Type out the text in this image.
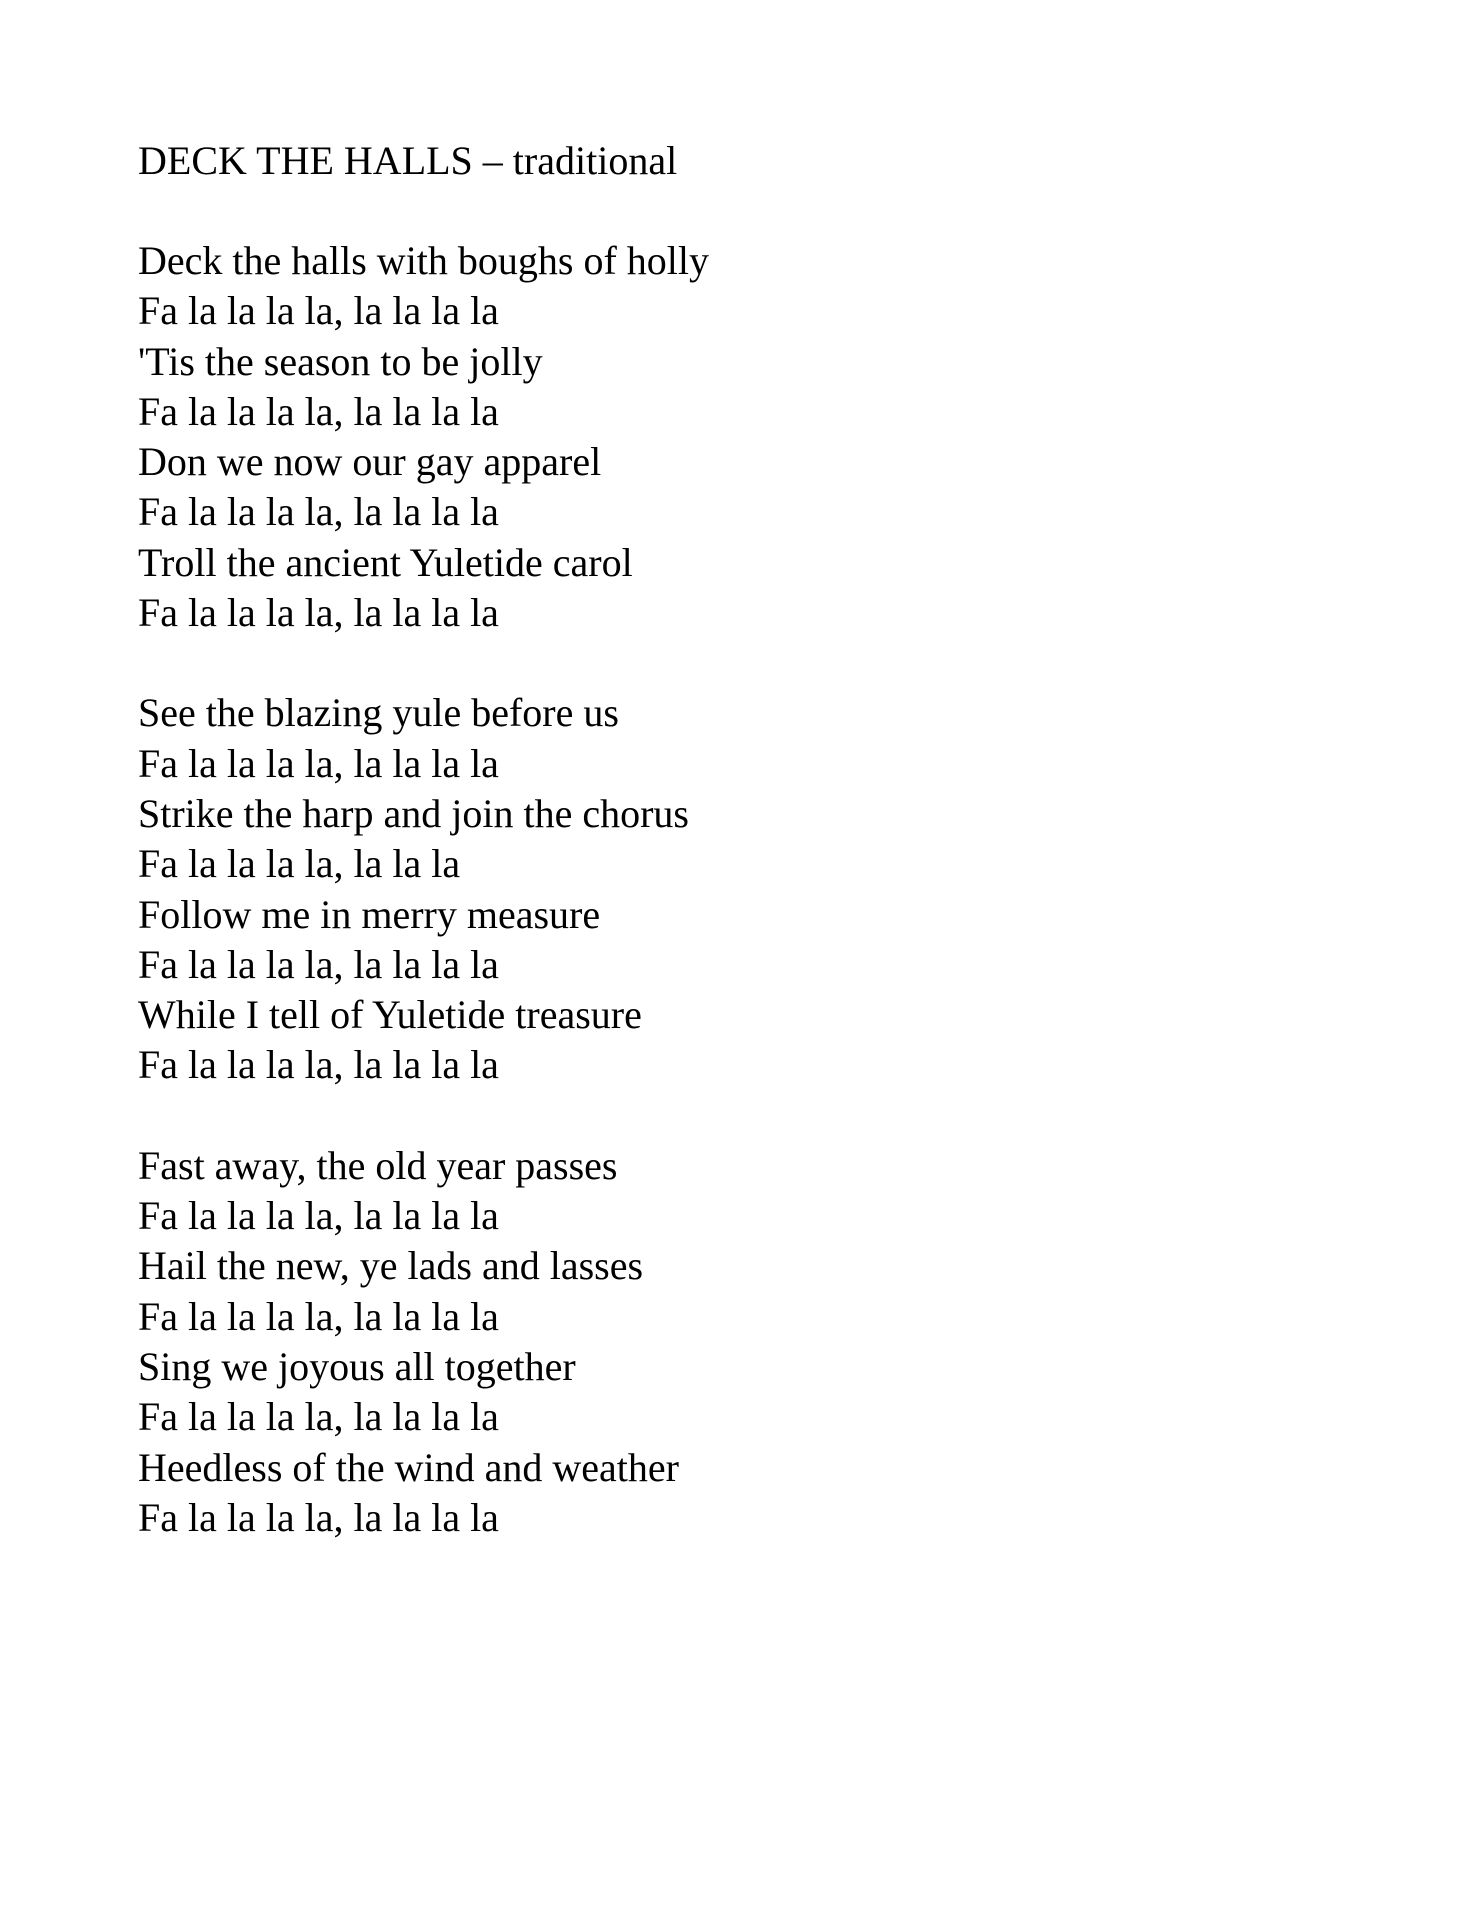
DECK THE HALLS – traditional
Deck the halls with boughs of holly
Fa la la la la, la la la la
'Tis the season to be jolly
Fa la la la la, la la la la
Don we now our gay apparel
Fa la la la la, la la la la
Troll the ancient Yuletide carol
Fa la la la la, la la la la
See the blazing yule before us
Fa la la la la, la la la la
Strike the harp and join the chorus
Fa la la la la, la la la
Follow me in merry measure
Fa la la la la, la la la la
While I tell of Yuletide treasure
Fa la la la la, la la la la
Fast away, the old year passes
Fa la la la la, la la la la
Hail the new, ye lads and lasses
Fa la la la la, la la la la
Sing we joyous all together
Fa la la la la, la la la la
Heedless of the wind and weather
Fa la la la la, la la la la
